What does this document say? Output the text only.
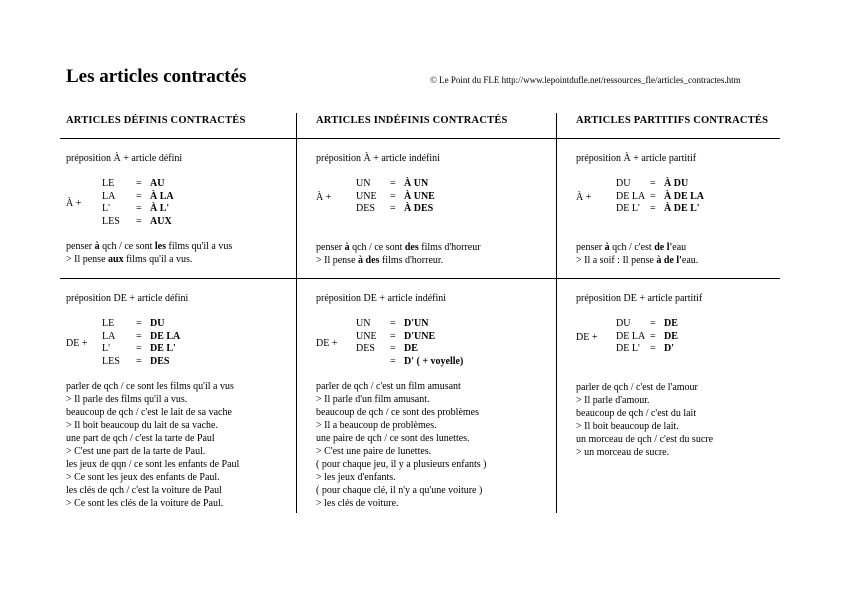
Les articles contractés	© Le Point du FLE http://www.lepointdufle.net/ressources_fle/articles_contractes.htm
ARTICLES DÉFINIS CONTRACTÉS	ARTICLES INDÉFINIS CONTRACTÉS	ARTICLES PARTITIFS CONTRACTÉS
préposition À + article défini
À +
LE	= AU
LA	= À LA
L'	= À L'
LES	= AUX
penser à qch / ce sont les films qu'il a vus
> Il pense aux films qu'il a vus.
préposition À + article indéfini
À +
UN	= À UN
UNE	= À UNE
DES	= À DES
penser à qch / ce sont des films d'horreur
> Il pense à des films d'horreur.
préposition À + article partitif
À +
DU	= À DU
DE LA = À DE LA
DE L'	= À DE L'
penser à qch / c'est de l'eau
> Il a soif : Il pense à de l'eau.
préposition DE + article défini
DE +
LE	= DU
LA	= DE LA
L'	= DE L'
LES	= DES
parler de qch / ce sont les films qu'il a vus
> Il parle des films qu'il a vus.
beaucoup de qch / c'est le lait de sa vache
> Il boit beaucoup du lait de sa vache.
une part de qch / c'est la tarte de Paul
> C'est une part de la tarte de Paul.
les jeux de qqn / ce sont les enfants de Paul
> Ce sont les jeux des enfants de Paul.
les clés de qch / c'est la voiture de Paul
> Ce sont les clés de la voiture de Paul.
préposition DE + article indéfini
DE +
UN	= D'UN
UNE	= D'UNE
DES	= DE
= D' ( + voyelle)
parler de qch / c'est un film amusant
> Il parle d'un film amusant.
beaucoup de qch / ce sont des problèmes
> Il a beaucoup de problèmes.
une paire de qch / ce sont des lunettes.
> C'est une paire de lunettes.
( pour chaque jeu, il y a plusieurs enfants )
> les jeux d'enfants.
( pour chaque clé, il n'y a qu'une voiture )
> les clés de voiture.
préposition DE + article partitif
DE +
DU	= DE
DE LA = DE
DE L'	= D'
parler de qch / c'est de l'amour
> Il parle d'amour.
beaucoup de qch / c'est du lait
> Il boit beaucoup de lait.
un morceau de qch / c'est du sucre
> un morceau de sucre.
